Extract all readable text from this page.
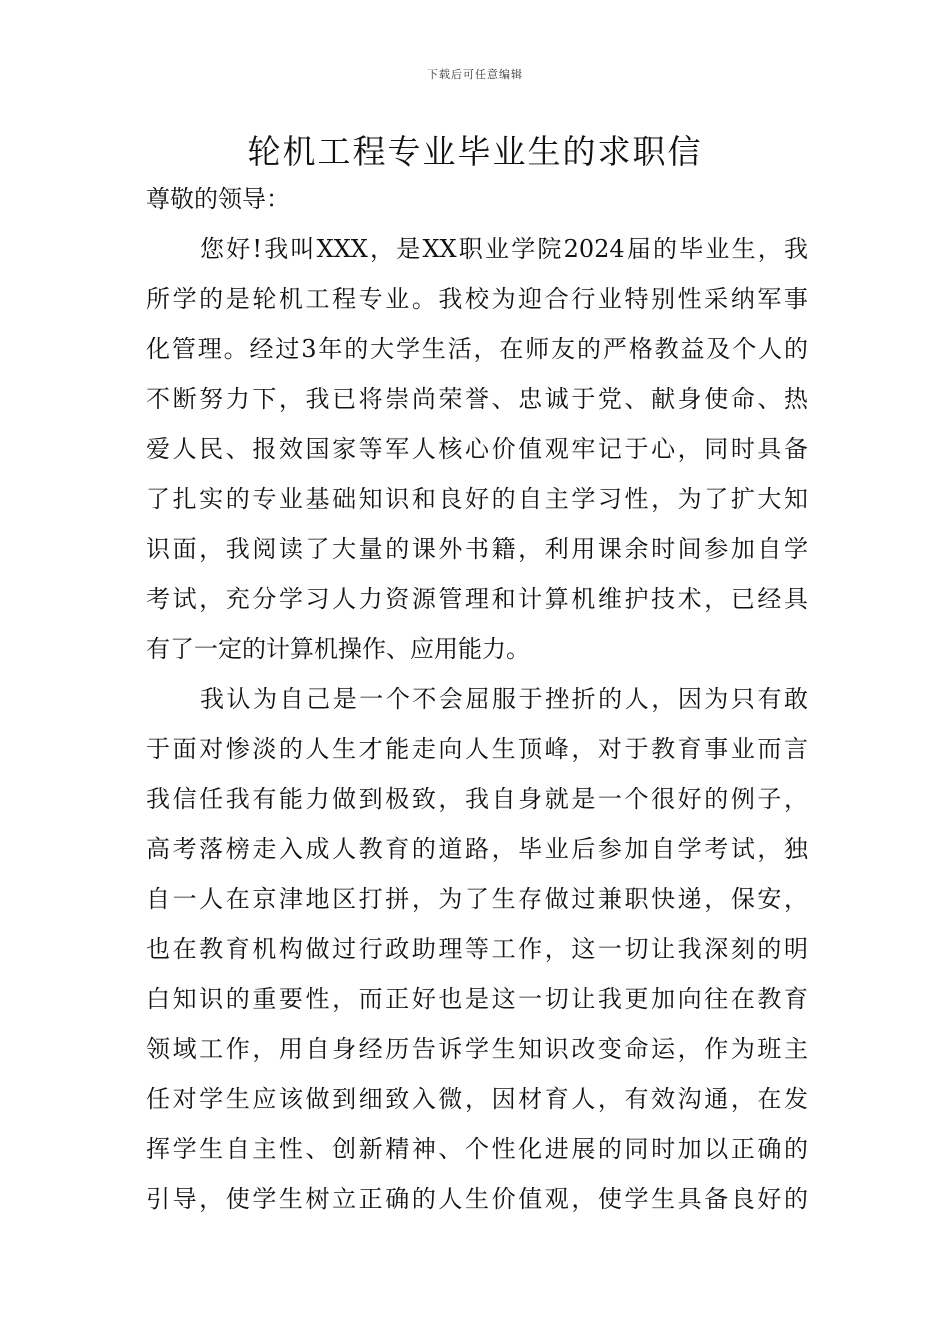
下载后可任意编辑
轮机工程专业毕业生的求职信
尊敬的领导：
您好!我叫XXX，是XX职业学院2024届的毕业生，我
所学的是轮机工程专业。我校为迎合行业特别性采纳军事
化管理。经过3年的大学生活，在师友的严格教益及个人的
不断努力下，我已将崇尚荣誉、忠诚于党、献身使命、热
爱人民、报效国家等军人核心价值观牢记于心，同时具备
了扎实的专业基础知识和良好的自主学习性，为了扩大知
识面，我阅读了大量的课外书籍，利用课余时间参加自学
考试，充分学习人力资源管理和计算机维护技术，已经具
有了一定的计算机操作、应用能力。
我认为自己是一个不会屈服于挫折的人，因为只有敢
于面对惨淡的人生才能走向人生顶峰，对于教育事业而言
我信任我有能力做到极致，我自身就是一个很好的例子，
高考落榜走入成人教育的道路，毕业后参加自学考试，独
自一人在京津地区打拼，为了生存做过兼职快递，保安，
也在教育机构做过行政助理等工作，这一切让我深刻的明
白知识的重要性，而正好也是这一切让我更加向往在教育
领域工作，用自身经历告诉学生知识改变命运，作为班主
任对学生应该做到细致入微，因材育人，有效沟通，在发
挥学生自主性、创新精神、个性化进展的同时加以正确的
引导，使学生树立正确的人生价值观，使学生具备良好的
